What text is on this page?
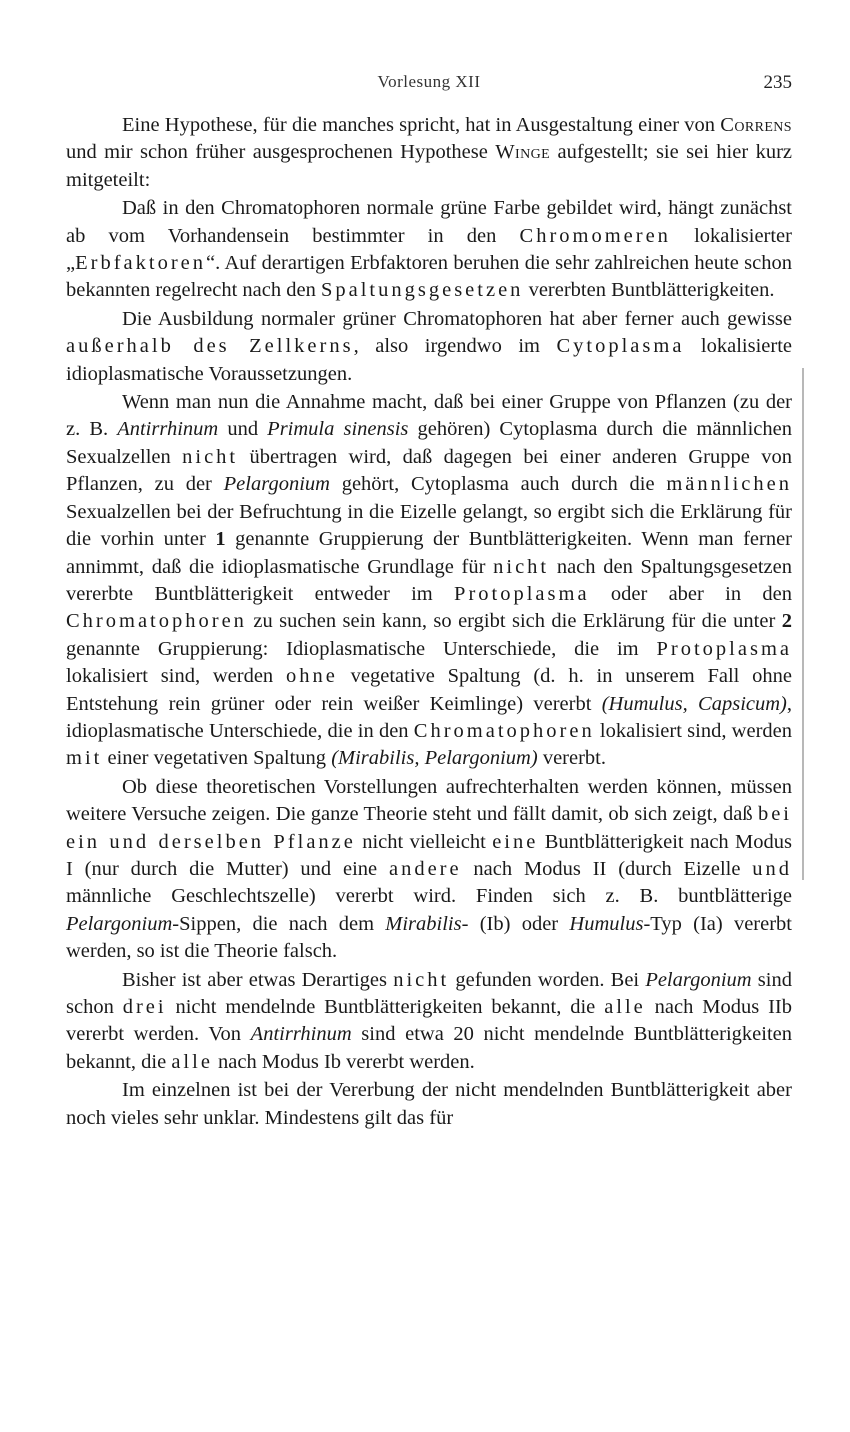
Vorlesung XII	235

Eine Hypothese, für die manches spricht, hat in Ausgestaltung einer von Correns und mir schon früher ausgesprochenen Hypothese Winge aufgestellt; sie sei hier kurz mitgeteilt:

Daß in den Chromatophoren normale grüne Farbe gebildet wird, hängt zunächst ab vom Vorhandensein bestimmter in den Chromomeren lokalisierter „Erbfaktoren“. Auf derartigen Erbfaktoren beruhen die sehr zahlreichen heute schon bekannten regelrecht nach den Spaltungsgesetzen vererbten Buntblätterigkeiten.

Die Ausbildung normaler grüner Chromatophoren hat aber ferner auch gewisse außerhalb des Zellkerns, also irgendwo im Cytoplasma lokalisierte idioplasmatische Voraussetzungen.

Wenn man nun die Annahme macht, daß bei einer Gruppe von Pflanzen (zu der z. B. Antirrhinum und Primula sinensis gehören) Cytoplasma durch die männlichen Sexualzellen nicht übertragen wird, daß dagegen bei einer anderen Gruppe von Pflanzen, zu der Pelargonium gehört, Cytoplasma auch durch die männlichen Sexualzellen bei der Befruchtung in die Eizelle gelangt, so ergibt sich die Erklärung für die vorhin unter 1 genannte Gruppierung der Buntblätterigkeiten. Wenn man ferner annimmt, daß die idioplasmatische Grundlage für nicht nach den Spaltungsgesetzen vererbte Buntblätterigkeit entweder im Protoplasma oder aber in den Chromatophoren zu suchen sein kann, so ergibt sich die Erklärung für die unter 2 genannte Gruppierung: Idioplasmatische Unterschiede, die im Protoplasma lokalisiert sind, werden ohne vegetative Spaltung (d. h. in unserem Fall ohne Entstehung rein grüner oder rein weißer Keimlinge) vererbt (Humulus, Capsicum), idioplasmatische Unterschiede, die in den Chromatophoren lokalisiert sind, werden mit einer vegetativen Spaltung (Mirabilis, Pelargonium) vererbt.

Ob diese theoretischen Vorstellungen aufrechterhalten werden können, müssen weitere Versuche zeigen. Die ganze Theorie steht und fällt damit, ob sich zeigt, daß bei ein und derselben Pflanze nicht vielleicht eine Buntblätterigkeit nach Modus I (nur durch die Mutter) und eine andere nach Modus II (durch Eizelle und männliche Geschlechtszelle) vererbt wird. Finden sich z. B. buntblätterige Pelargonium-Sippen, die nach dem Mirabilis- (Ib) oder Humulus-Typ (Ia) vererbt werden, so ist die Theorie falsch.

Bisher ist aber etwas Derartiges nicht gefunden worden. Bei Pelargonium sind schon drei nicht mendelnde Buntblätterigkeiten bekannt, die alle nach Modus IIb vererbt werden. Von Antirrhinum sind etwa 20 nicht mendelnde Buntblätterigkeiten bekannt, die alle nach Modus Ib vererbt werden.

Im einzelnen ist bei der Vererbung der nicht mendelnden Buntblätterigkeit aber noch vieles sehr unklar. Mindestens gilt das für
